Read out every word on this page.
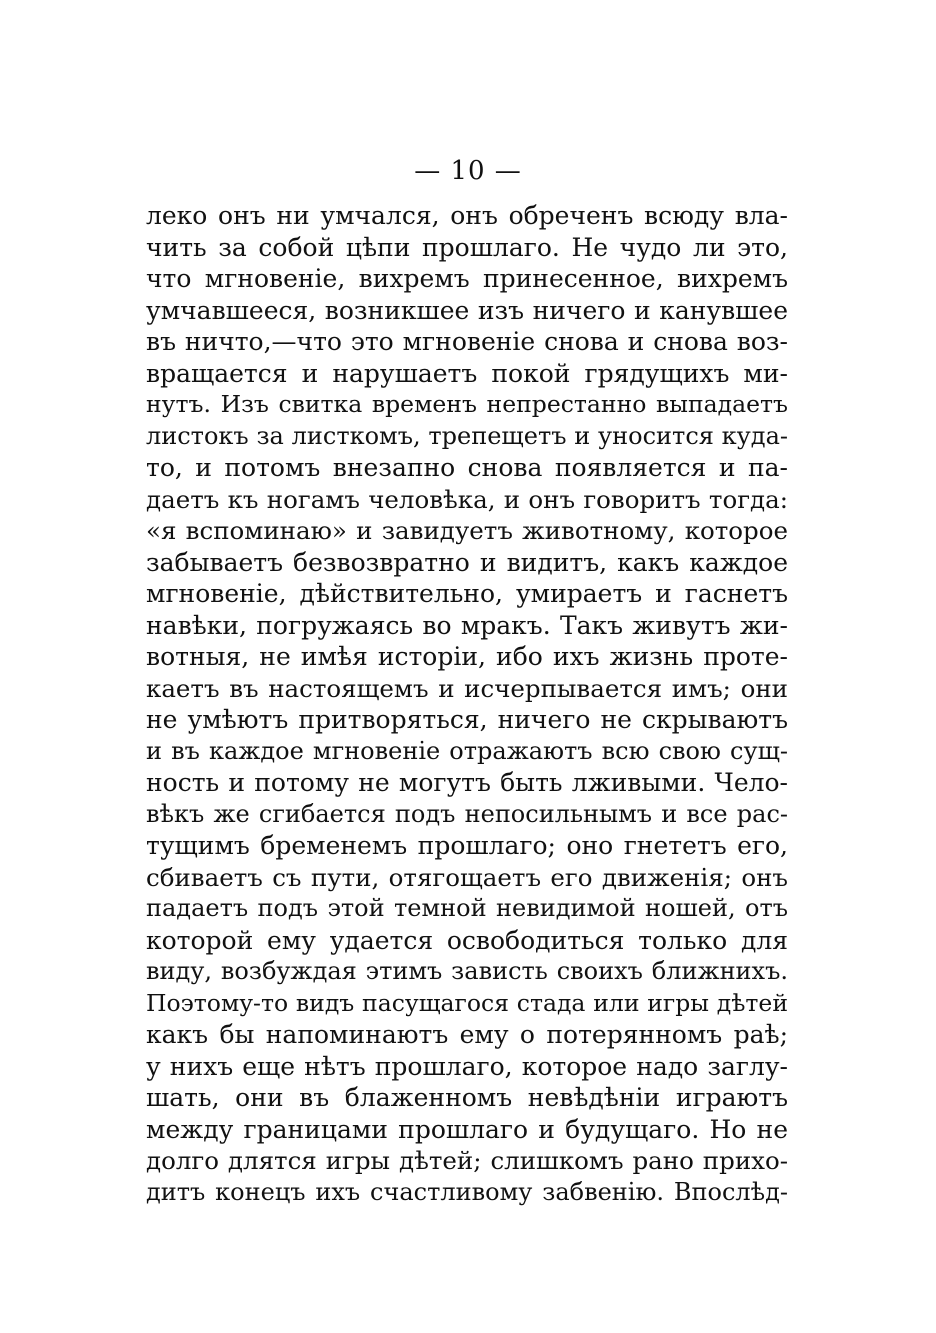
— 10 —
леко онъ ни умчался, онъ обреченъ всюду вла-
чить за собой цѣпи прошлаго. Не чудо ли это,
что мгновеніе, вихремъ принесенное, вихремъ
умчавшееся, возникшее изъ ничего и канувшее
въ ничто,—что это мгновеніе снова и снова воз-
вращается и нарушаетъ покой грядущихъ ми-
нутъ. Изъ свитка временъ непрестанно выпадаетъ
листокъ за листкомъ, трепещетъ и уносится куда-
то, и потомъ внезапно снова появляется и па-
даетъ къ ногамъ человѣка, и онъ говоритъ тогда:
«я вспоминаю» и завидуетъ животному, которое
забываетъ безвозвратно и видитъ, какъ каждое
мгновеніе, дѣйствительно, умираетъ и гаснетъ
навѣки, погружаясь во мракъ. Такъ живутъ жи-
вотныя, не имѣя исторіи, ибо ихъ жизнь проте-
каетъ въ настоящемъ и исчерпывается имъ; они
не умѣютъ притворяться, ничего не скрываютъ
и въ каждое мгновеніе отражаютъ всю свою сущ-
ность и потому не могутъ быть лживыми. Чело-
вѣкъ же сгибается подъ непосильнымъ и все рас-
тущимъ бременемъ прошлаго; оно гнететъ его,
сбиваетъ съ пути, отягощаетъ его движенія; онъ
падаетъ подъ этой темной невидимой ношей, отъ
которой ему удается освободиться только для
виду, возбуждая этимъ зависть своихъ ближнихъ.
Поэтому-то видъ пасущагося стада или игры дѣтей
какъ бы напоминаютъ ему о потерянномъ раѣ;
у нихъ еще нѣтъ прошлаго, которое надо заглу-
шать, они въ блаженномъ невѣдѣніи играютъ
между границами прошлаго и будущаго. Но не
долго длятся игры дѣтей; слишкомъ рано прихо-
дитъ конецъ ихъ счастливому забвенію. Впослѣд-
